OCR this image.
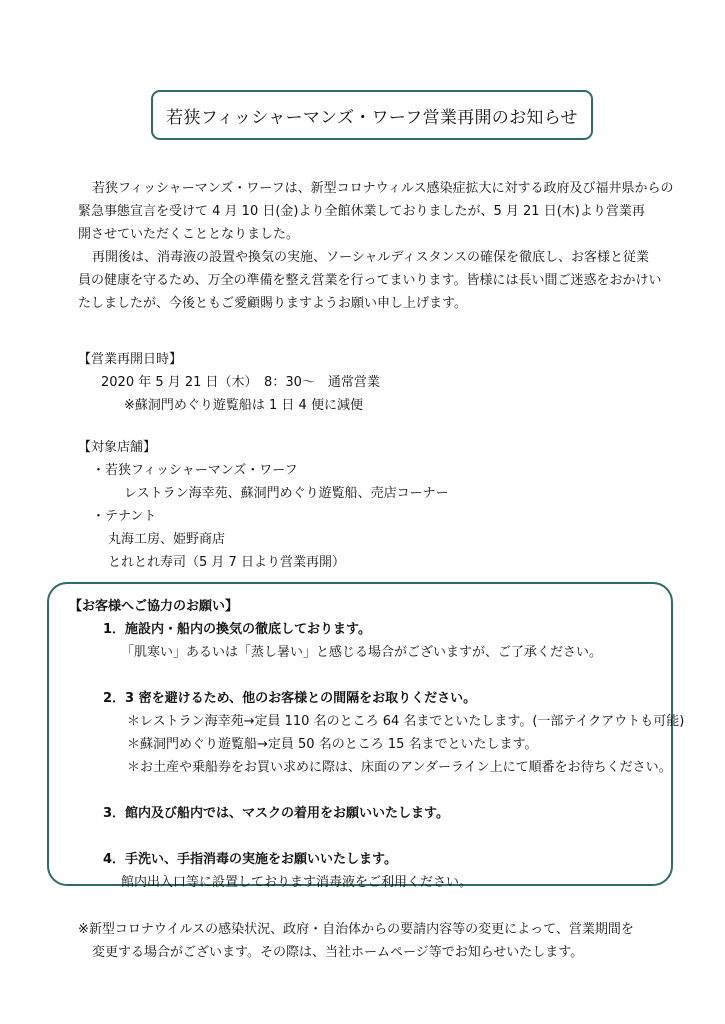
若狭フィッシャーマンズ・ワーフ営業再開のお知らせ

若狭フィッシャーマンズ・ワーフは、新型コロナウィルス感染症拡大に対する政府及び福井県からの

緊急事態宣言を受けて 4 月 10 日(金)より全館休業しておりましたが、5 月 21 日(木)より営業再

開させていただくこととなりました。

再開後は、消毒液の設置や換気の実施、ソーシャルディスタンスの確保を徹底し、お客様と従業

員の健康を守るため、万全の準備を整え営業を行ってまいります。皆様には長い間ご迷惑をおかけい

たしましたが、今後ともご愛顧賜りますようお願い申し上げます。

【営業再開日時】
2020 年 5 月 21 日（木）　8：30～　通常営業
※蘇洞門めぐり遊覧船は 1 日 4 便に減便
【対象店舗】
・若狭フィッシャーマンズ・ワーフ
レストラン海幸苑、蘇洞門めぐり遊覧船、売店コーナー
・テナント
丸海工房、姫野商店
とれとれ寿司（5 月 7 日より営業再開）
【お客様へご協力のお願い】
1．施設内・船内の換気の徹底しております。
「肌寒い」あるいは「蒸し暑い」と感じる場合がございますが、ご了承ください。
2．3 密を避けるため、他のお客様との間隔をお取りください。
＊レストラン海幸苑→定員 110 名のところ 64 名までといたします。(一部テイクアウトも可能)
＊蘇洞門めぐり遊覧船→定員 50 名のところ 15 名までといたします。
＊お土産や乗船券をお買い求めに際は、床面のアンダーライン上にて順番をお待ちください。
3．館内及び船内では、マスクの着用をお願いいたします。
4．手洗い、手指消毒の実施をお願いいたします。
館内出入口等に設置しております消毒液をご利用ください。
※新型コロナウイルスの感染状況、政府・自治体からの要請内容等の変更によって、営業期間を
変更する場合がございます。その際は、当社ホームページ等でお知らせいたします。
